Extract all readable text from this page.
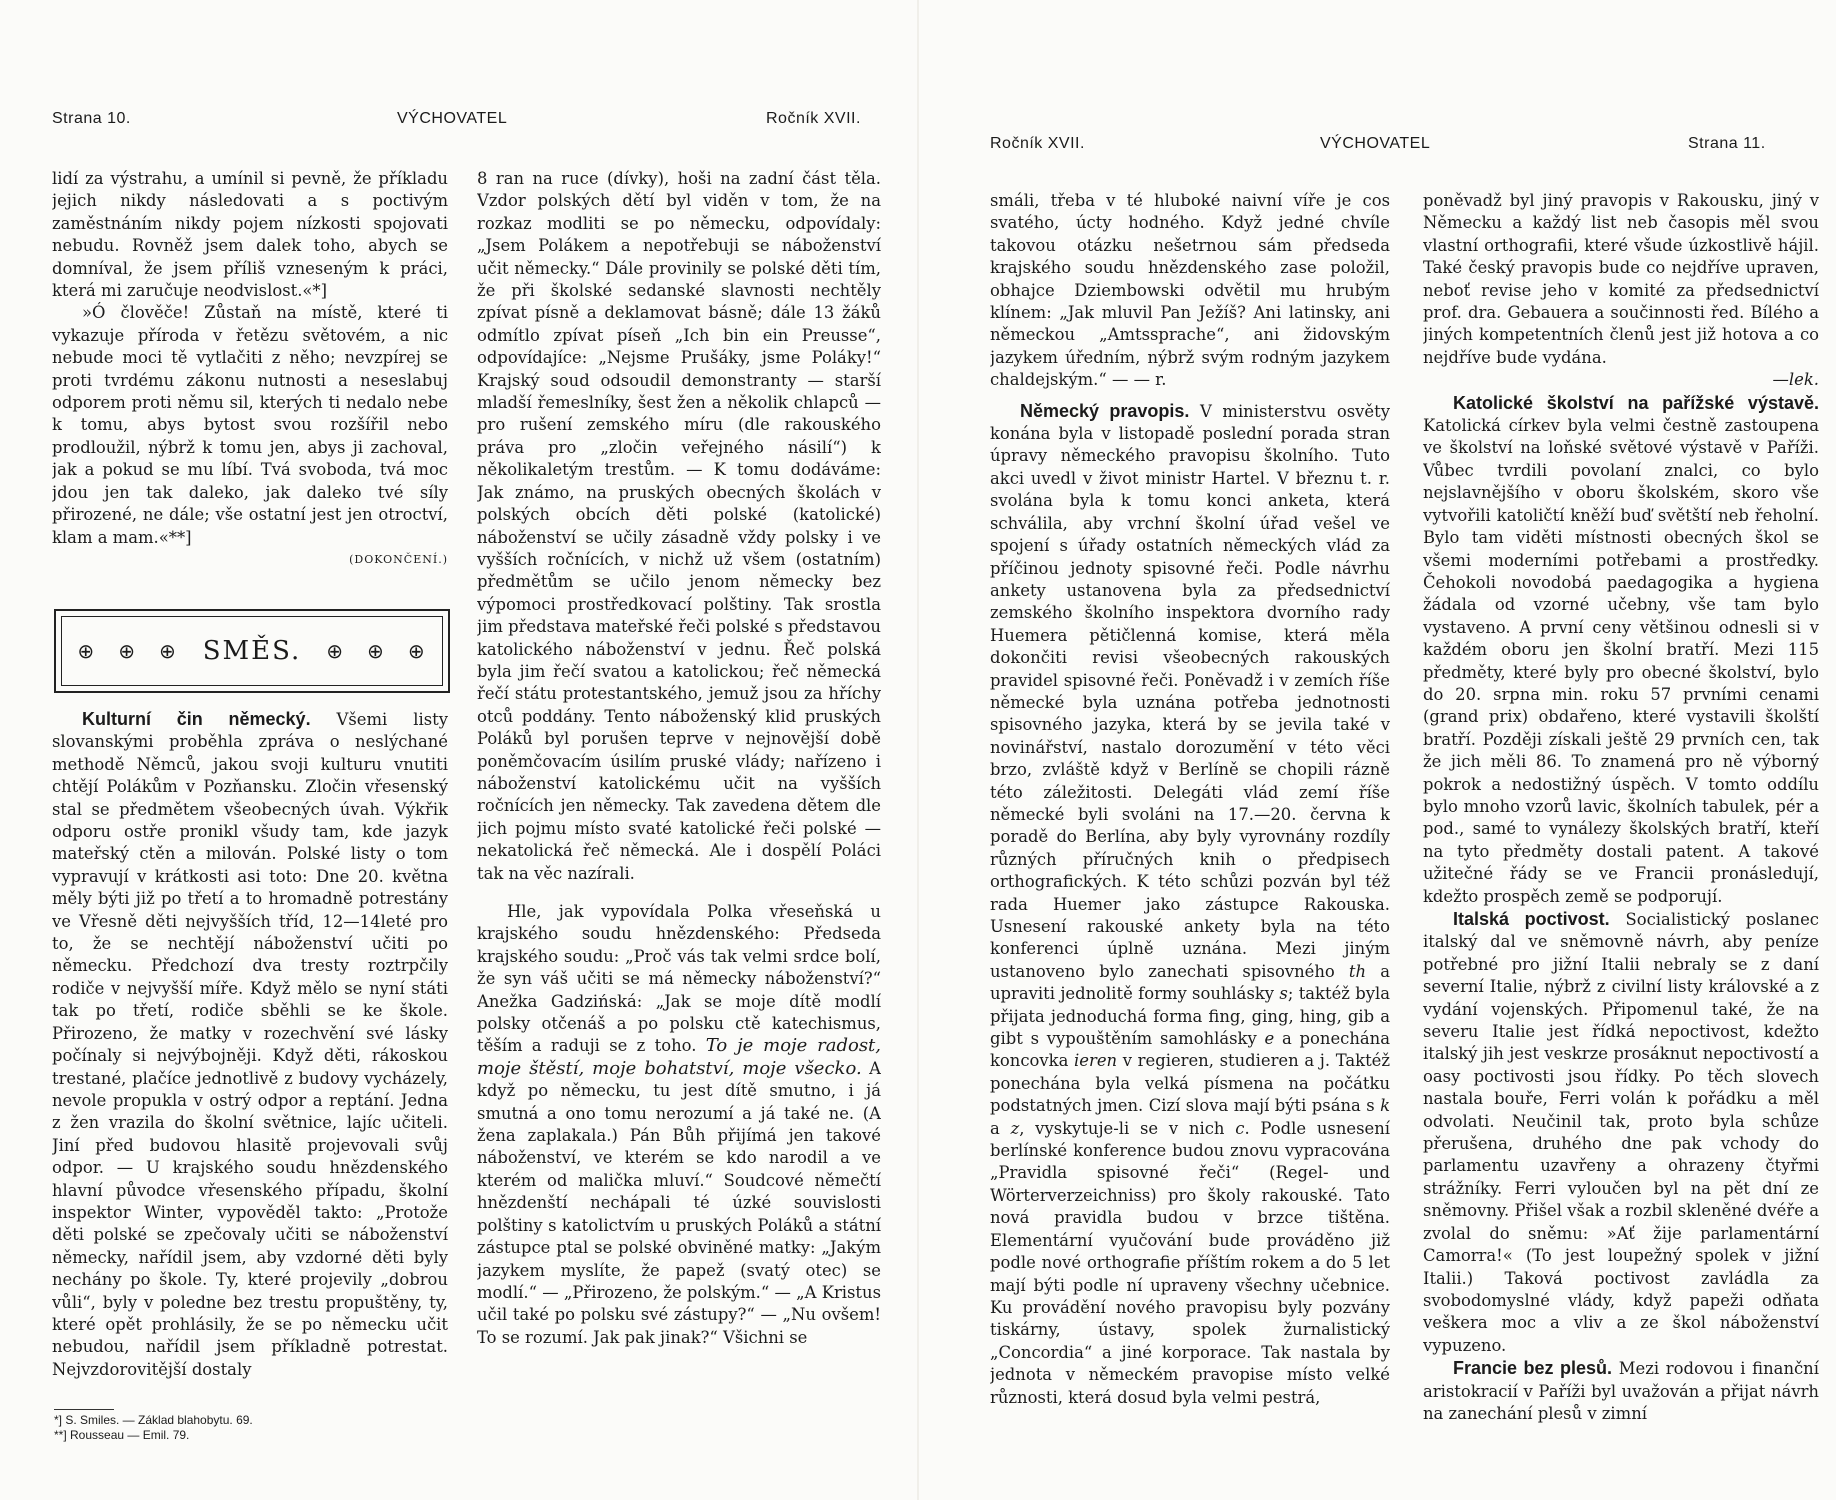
Strana 10.	VÝCHOVATEL	Ročník XVII.

lidí za výstrahu, a umínil si pevně, že příkladu jejich nikdy následovati a s poctivým zaměstnáním nikdy pojem nízkosti spojovati nebudu. Rovněž jsem dalek toho, abych se domníval, že jsem příliš vzneseným k práci, která mi zaručuje neodvislost.«*]

»Ó člověče! Zůstaň na místě, které ti vykazuje příroda v řetězu světovém, a nic nebude moci tě vytlačiti z něho; nevzpírej se proti tvrdému zákonu nutnosti a neseslabuj odporem proti němu sil, kterých ti nedalo nebe k tomu, abys bytost svou rozšířil nebo prodloužil, nýbrž k tomu jen, abys ji zachoval, jak a pokud se mu líbí. Tvá svoboda, tvá moc jdou jen tak daleko, jak daleko tvé síly přirozené, ne dále; vše ostatní jest jen otroctví, klam a mam.«**]

(DOKONČENÍ.)

⊕ ⊕ ⊕ SMĚS. ⊕ ⊕ ⊕

Kulturní čin německý. Všemi listy slovanskými proběhla zpráva o neslýchané methodě Němců, jakou svoji kulturu vnutiti chtějí Polákům v Pozňansku. Zločin vřesenský stal se předmětem všeobecných úvah. Výkřik odporu ostře pronikl všudy tam, kde jazyk mateřský ctěn a milován. Polské listy o tom vypravují v krátkosti asi toto: Dne 20. května měly býti již po třetí a to hromadně potrestány ve Vřesně děti nejvyšších tříd, 12—14leté pro to, že se nechtějí náboženství učiti po německu. Předchozí dva tresty roztrpčily rodiče v nejvyšší míře. Když mělo se nyní státi tak po třetí, rodiče sběhli se ke škole. Přirozeno, že matky v rozechvění své lásky počínaly si nejvýbojněji. Když děti, rákoskou trestané, plačíce jednotlivě z budovy vycházely, nevole propukla v ostrý odpor a reptání. Jedna z žen vrazila do školní světnice, lajíc učiteli. Jiní před budovou hlasitě projevovali svůj odpor. — U krajského soudu hnězdenského hlavní původce vřesenského případu, školní inspektor Winter, vypověděl takto: „Protože děti polské se zpečovaly učiti se náboženství německy, nařídil jsem, aby vzdorné děti byly nechány po škole. Ty, které projevily „dobrou vůli“, byly v poledne bez trestu propuštěny, ty, které opět prohlásily, že se po německu učit nebudou, nařídil jsem příkladně potrestat. Nejvzdorovitější dostaly

*] S. Smiles. — Základ blahobytu. 69.

**] Rousseau — Emil. 79.

8 ran na ruce (dívky), hoši na zadní část těla. Vzdor polských dětí byl viděn v tom, že na rozkaz modliti se po německu, odpovídaly: „Jsem Polákem a nepotřebuji se náboženství učit německy.“ Dále provinily se polské děti tím, že při školské sedanské slavnosti nechtěly zpívat písně a deklamovat básně; dále 13 žáků odmítlo zpívat píseň „Ich bin ein Preusse“, odpovídajíce: „Nejsme Prušáky, jsme Poláky!“ Krajský soud odsoudil demonstranty — starší mladší řemeslníky, šest žen a několik chlapců — pro rušení zemského míru (dle rakouského práva pro „zločin veřejného násilí“) k několikaletým trestům. — K tomu dodáváme: Jak známo, na pruských obecných školách v polských obcích děti polské (katolické) náboženství se učily zásadně vždy polsky i ve vyšších ročnících, v nichž už všem (ostatním) předmětům se učilo jenom německy bez výpomoci prostředkovací polštiny. Tak srostla jim představa mateřské řeči polské s představou katolického náboženství v jednu. Řeč polská byla jim řečí svatou a katolickou; řeč německá řečí státu protestantského, jemuž jsou za hříchy otců poddány. Tento náboženský klid pruských Poláků byl porušen teprve v nejnovější době poněmčovacím úsilím pruské vlády; nařízeno i náboženství katolickému učit na vyšších ročnících jen německy. Tak zavedena dětem dle jich pojmu místo svaté katolické řeči polské — nekatolická řeč německá. Ale i dospělí Poláci tak na věc nazírali.

Hle, jak vypovídala Polka vřeseňská u krajského soudu hnězdenského: Předseda krajského soudu: „Proč vás tak velmi srdce bolí, že syn váš učiti se má německy náboženství?“ Anežka Gadzińská: „Jak se moje dítě modlí polsky otčenáš a po polsku ctě katechismus, těším a raduji se z toho. To je moje radost, moje štěstí, moje bohatství, moje všecko. A když po německu, tu jest dítě smutno, i já smutná a ono tomu nerozumí a já také ne. (A žena zaplakala.) Pán Bůh přijímá jen takové náboženství, ve kterém se kdo narodil a ve kterém od malička mluví.“ Soudcové němečtí hnězdenští nechápali té úzké souvislosti polštiny s katolictvím u pruských Poláků a státní zástupce ptal se polské obviněné matky: „Jakým jazykem myslíte, že papež (svatý otec) se modlí.“ — „Přirozeno, že polským.“ — „A Kristus učil také po polsku své zástupy?“ — „Nu ovšem! To se rozumí. Jak pak jinak?“ Všichni se

Ročník XVII.	VÝCHOVATEL	Strana 11.

smáli, třeba v té hluboké naivní víře je cos svatého, úcty hodného. Když jedné chvíle takovou otázku nešetrnou sám předseda krajského soudu hnězdenského zase položil, obhajce Dziembowski odvětil mu hrubým klínem: „Jak mluvil Pan Ježíš? Ani latinsky, ani německou „Amtssprache“, ani židovským jazykem úředním, nýbrž svým rodným jazykem chaldejským.“ — — r.

Německý pravopis. V ministerstvu osvěty konána byla v listopadě poslední porada stran úpravy německého pravopisu školního. Tuto akci uvedl v život ministr Hartel. V březnu t. r. svolána byla k tomu konci anketa, která schválila, aby vrchní školní úřad vešel ve spojení s úřady ostatních německých vlád za příčinou jednoty spisovné řeči. Podle návrhu ankety ustanovena byla za předsednictví zemského školního inspektora dvorního rady Huemera pětičlenná komise, která měla dokončiti revisi všeobecných rakouských pravidel spisovné řeči. Poněvadž i v zemích říše německé byla uznána potřeba jednotnosti spisovného jazyka, která by se jevila také v novinářství, nastalo dorozumění v této věci brzo, zvláště když v Berlíně se chopili rázně této záležitosti. Delegáti vlád zemí říše německé byli svoláni na 17.—20. června k poradě do Berlína, aby byly vyrovnány rozdíly různých příručných knih o předpisech orthografických. K této schůzi pozván byl též rada Huemer jako zástupce Rakouska. Usnesení rakouské ankety byla na této konferenci úplně uznána. Mezi jiným ustanoveno bylo zanechati spisovného th a upraviti jednolitě formy souhlásky s; taktéž byla přijata jednoduchá forma fing, ging, hing, gib a gibt s vypouštěním samohlásky e a ponechána koncovka ieren v regieren, studieren a j. Taktéž ponechána byla velká písmena na počátku podstatných jmen. Cizí slova mají býti psána s k a z, vyskytuje-li se v nich c. Podle usnesení berlínské konference budou znovu vypracována „Pravidla spisovné řeči“ (Regel- und Wörterverzeichniss) pro školy rakouské. Tato nová pravidla budou v brzce tištěna. Elementární vyučování bude prováděno již podle nové orthografie příštím rokem a do 5 let mají býti podle ní upraveny všechny učebnice. Ku provádění nového pravopisu byly pozvány tiskárny, ústavy, spolek žurnalistický „Concordia“ a jiné korporace. Tak nastala by jednota v německém pravopise místo velké různosti, která dosud byla velmi pestrá,

poněvadž byl jiný pravopis v Rakousku, jiný v Německu a každý list neb časopis měl svou vlastní orthografii, které všude úzkostlivě hájil. Také český pravopis bude co nejdříve upraven, neboť revise jeho v komité za předsednictví prof. dra. Gebauera a součinnosti řed. Bílého a jiných kompetentních členů jest již hotova a co nejdříve bude vydána.

—lek.

Katolické školství na pařížské výstavě. Katolická církev byla velmi čestně zastoupena ve školství na loňské světové výstavě v Paříži. Vůbec tvrdili povolaní znalci, co bylo nejslavnějšího v oboru školském, skoro vše vytvořili katoličtí kněží buď světští neb řeholní. Bylo tam viděti místnosti obecných škol se všemi moderními potřebami a prostředky. Čehokoli novodobá paedagogika a hygiena žádala od vzorné učebny, vše tam bylo vystaveno. A první ceny většinou odnesli si v každém oboru jen školní bratří. Mezi 115 předměty, které byly pro obecné školství, bylo do 20. srpna min. roku 57 prvními cenami (grand prix) obdařeno, které vystavili školští bratří. Později získali ještě 29 prvních cen, tak že jich měli 86. To znamená pro ně výborný pokrok a nedostižný úspěch. V tomto oddílu bylo mnoho vzorů lavic, školních tabulek, pér a pod., samé to vynálezy školských bratří, kteří na tyto předměty dostali patent. A takové užitečné řády se ve Francii pronásledují, kdežto prospěch země se podporují.

Italská poctivost. Socialistický poslanec italský dal ve sněmovně návrh, aby peníze potřebné pro jižní Italii nebraly se z daní severní Italie, nýbrž z civilní listy královské a z vydání vojenských. Připomenul také, že na severu Italie jest řídká nepoctivost, kdežto italský jih jest veskrze prosáknut nepoctivostí a oasy poctivosti jsou řídky. Po těch slovech nastala bouře, Ferri volán k pořádku a měl odvolati. Neučinil tak, proto byla schůze přerušena, druhého dne pak vchody do parlamentu uzavřeny a ohrazeny čtyřmi strážníky. Ferri vyloučen byl na pět dní ze sněmovny. Přišel však a rozbil skleněné dvéře a zvolal do sněmu: »Ať žije parlamentární Camorra!« (To jest loupežný spolek v jižní Italii.) Taková poctivost zavládla za svobodomyslné vlády, když papeži odňata veškera moc a vliv a ze škol náboženství vypuzeno.

Francie bez plesů. Mezi rodovou i finanční aristokracií v Paříži byl uvažován a přijat návrh na zanechání plesů v zimní
